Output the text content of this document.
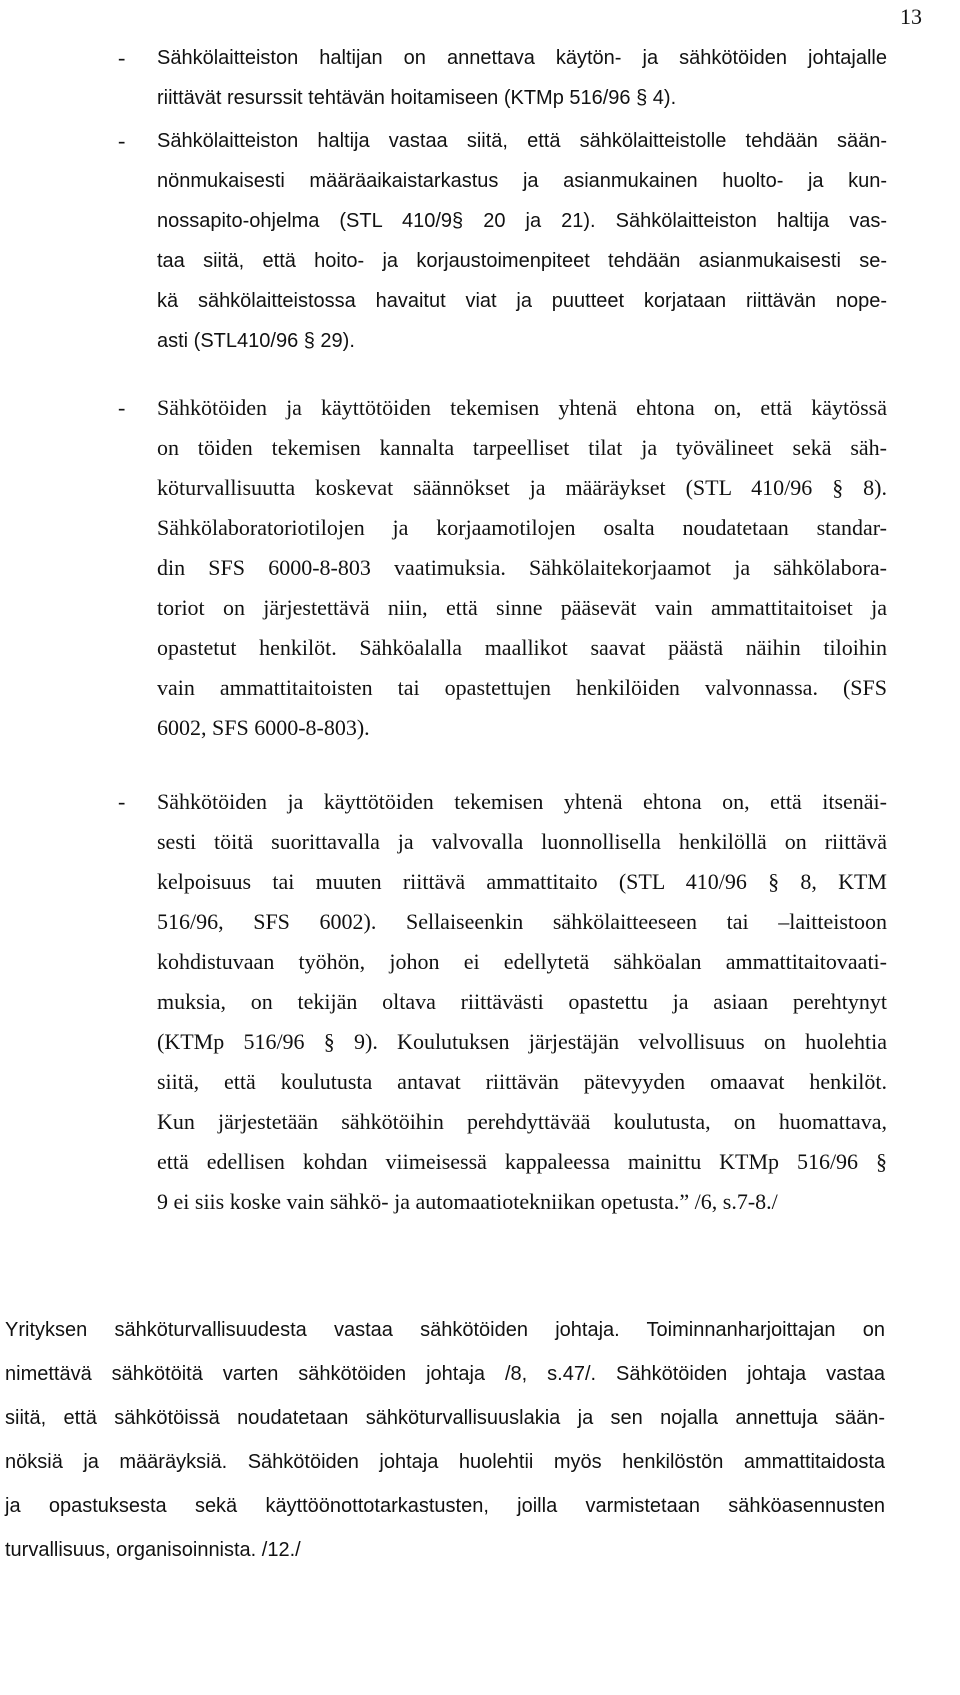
13
- Sähkölaitteiston haltijan on annettava käytön- ja sähkötöiden johtajalle
riittävät resurssit tehtävän hoitamiseen (KTMp 516/96 § 4).
- Sähkölaitteiston haltija vastaa siitä, että sähkölaitteistolle tehdään sään-
nönmukaisesti määräaikaistarkastus ja asianmukainen huolto- ja kun-
nossapito-ohjelma (STL 410/9§ 20 ja 21). Sähkölaitteiston haltija vas-
taa siitä, että hoito- ja korjaustoimenpiteet tehdään asianmukaisesti se-
kä sähkölaitteistossa havaitut viat ja puutteet korjataan riittävän nope-
asti (STL410/96 § 29).
- Sähkötöiden ja käyttötöiden tekemisen yhtenä ehtona on, että käytössä
on töiden tekemisen kannalta tarpeelliset tilat ja työvälineet sekä säh-
köturvallisuutta koskevat säännökset ja määräykset (STL 410/96 § 8).
Sähkölaboratoriotilojen ja korjaamotilojen osalta noudatetaan standar-
din SFS 6000-8-803 vaatimuksia. Sähkölaitekorjaamot ja sähkölabora-
toriot on järjestettävä niin, että sinne pääsevät vain ammattitaitoiset ja
opastetut henkilöt. Sähköalalla maallikot saavat päästä näihin tiloihin
vain ammattitaitoisten tai opastettujen henkilöiden valvonnassa. (SFS
6002, SFS 6000-8-803).
- Sähkötöiden ja käyttötöiden tekemisen yhtenä ehtona on, että itsenäi-
sesti töitä suorittavalla ja valvovalla luonnollisella henkilöllä on riittävä
kelpoisuus tai muuten riittävä ammattitaito (STL 410/96 § 8, KTM
516/96, SFS 6002). Sellaiseenkin sähkölaitteeseen tai –laitteistoon
kohdistuvaan työhön, johon ei edellytetä sähköalan ammattitaitovaati-
muksia, on tekijän oltava riittävästi opastettu ja asiaan perehtynyt
(KTMp 516/96 § 9). Koulutuksen järjestäjän velvollisuus on huolehtia
siitä, että koulutusta antavat riittävän pätevyyden omaavat henkilöt.
Kun järjestetään sähkötöihin perehdyttävää koulutusta, on huomattava,
että edellisen kohdan viimeisessä kappaleessa mainittu KTMp 516/96 §
9 ei siis koske vain sähkö- ja automaatiotekniikan opetusta.” /6, s.7-8./
Yrityksen sähköturvallisuudesta vastaa sähkötöiden johtaja. Toiminnanharjoittajan on
nimettävä sähkötöitä varten sähkötöiden johtaja /8, s.47/. Sähkötöiden johtaja vastaa
siitä, että sähkötöissä noudatetaan sähköturvallisuuslakia ja sen nojalla annettuja sään-
nöksiä ja määräyksiä. Sähkötöiden johtaja huolehtii myös henkilöstön ammattitaidosta
ja opastuksesta sekä käyttöönottotarkastusten, joilla varmistetaan sähköasennusten
turvallisuus, organisoinnista. /12./
